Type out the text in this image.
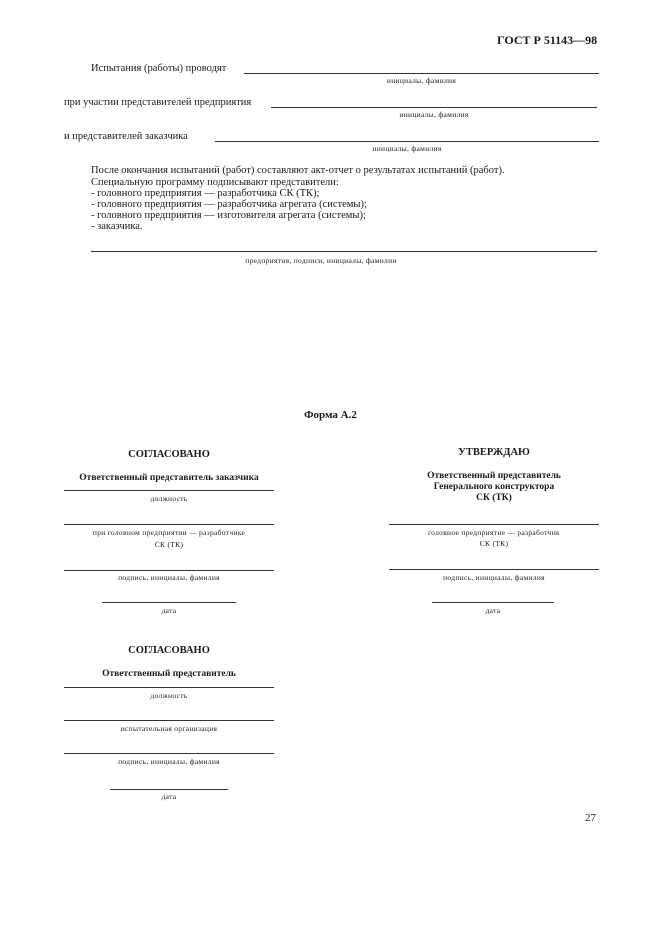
ГОСТ Р 51143—98
Испытания (работы) проводят
инициалы, фамилия
при участии представителей предприятия
инициалы, фамилия
и представителей заказчика
инициалы, фамилия
После окончания испытаний (работ) составляют акт-отчет о результатах испытаний (работ).
Специальную программу подписывают представители:
- головного предприятия — разработчика СК (ТК);
- головного предприятия — разработчика агрегата (системы);
- головного предприятия — изготовителя агрегата (системы);
- заказчика.
предприятия, подписи, инициалы, фамилии
Форма А.2
СОГЛАСОВАНО
Ответственный представитель заказчика
должность
при головном предприятии — разработчике
СК (ТК)
подпись, инициалы, фамилия
дата
УТВЕРЖДАЮ
Ответственный представитель
Генерального конструктора
СК (ТК)
головное предприятие — разработчик
СК (ТК)
подпись, инициалы, фамилия
дата
СОГЛАСОВАНО
Ответственный представитель
должность
испытательная организация
подпись, инициалы, фамилия
дата
27
